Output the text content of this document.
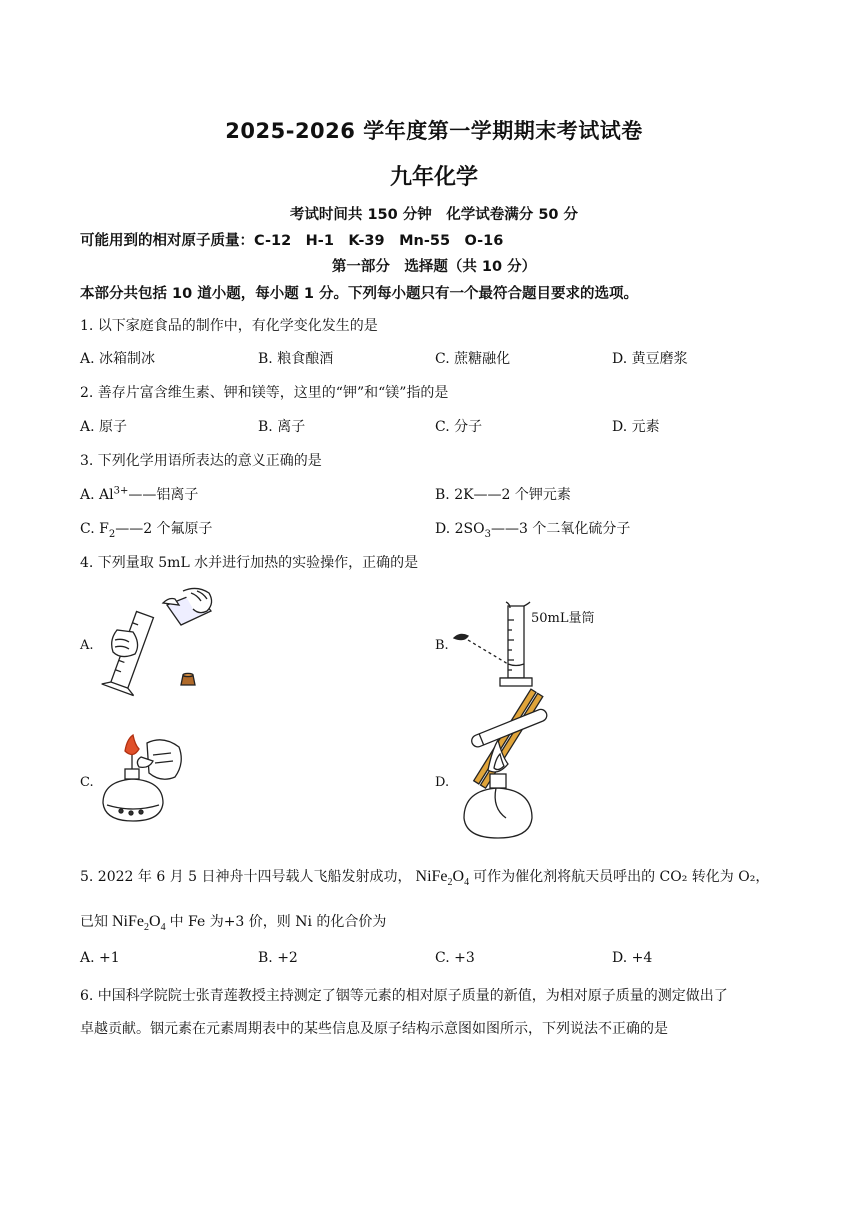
2025-2026 学年度第一学期期末考试试卷
九年化学
考试时间共 150 分钟　化学试卷满分 50 分
可能用到的相对原子质量：C-12　H-1　K-39　Mn-55　O-16
第一部分　选择题（共 10 分）
本部分共包括 10 道小题，每小题 1 分。下列每小题只有一个最符合题目要求的选项。
1. 以下家庭食品的制作中，有化学变化发生的是
A. 冰箱制冰	B. 粮食酿酒	C. 蔗糖融化	D. 黄豆磨浆
2. 善存片富含维生素、钾和镁等，这里的“钾”和“镁”指的是
A. 原子	B. 离子	C. 分子	D. 元素
3. 下列化学用语所表达的意义正确的是
A. $Al^{3+}——$铝离子	B. 2K——2 个钾元素
C. $F_2——2$ 个氟原子	D. $2SO_3——3$ 个二氧化硫分子
4. 下列量取 5mL 水并进行加热的实验操作，正确的是
A.	B.
C.	D.
50mL量筒
5. 2022 年 6 月 5 日神舟十四号载人飞船发射成功， $NiFe_2O_4$ 可作为催化剂将航天员呼出的 CO₂ 转化为 O₂，
已知 $NiFe_2O_4$ 中 Fe 为+3 价，则 Ni 的化合价为
A. +1	B. +2	C. +3	D. +4
6. 中国科学院院士张青莲教授主持测定了铟等元素的相对原子质量的新值，为相对原子质量的测定做出了
卓越贡献。铟元素在元素周期表中的某些信息及原子结构示意图如图所示，下列说法不正确的是
